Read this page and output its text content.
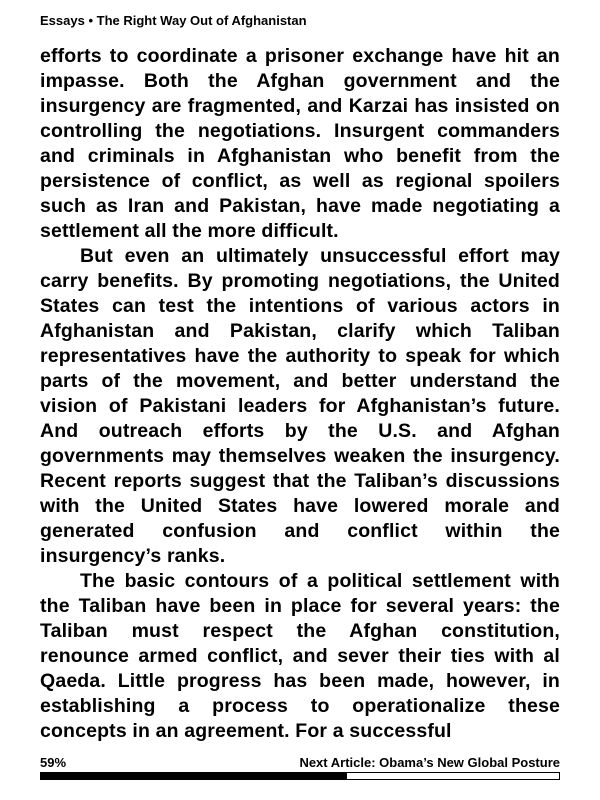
Essays • The Right Way Out of Afghanistan

efforts to coordinate a prisoner exchange have hit an impasse. Both the Afghan government and the insurgency are fragmented, and Karzai has insisted on controlling the negotiations. Insurgent commanders and criminals in Afghanistan who benefit from the persistence of conflict, as well as regional spoilers such as Iran and Pakistan, have made negotiating a settlement all the more difficult.

But even an ultimately unsuccessful effort may carry benefits. By promoting negotiations, the United States can test the intentions of various actors in Afghanistan and Pakistan, clarify which Taliban representatives have the authority to speak for which parts of the movement, and better understand the vision of Pakistani leaders for Afghanistan’s future. And outreach efforts by the U.S. and Afghan governments may themselves weaken the insurgency. Recent reports suggest that the Taliban’s discussions with the United States have lowered morale and generated confusion and conflict within the insurgency’s ranks.

The basic contours of a political settlement with the Taliban have been in place for several years: the Taliban must respect the Afghan constitution, renounce armed conflict, and sever their ties with al Qaeda. Little progress has been made, however, in establishing a process to operationalize these concepts in an agreement. For a successful

59%	Next Article: Obama’s New Global Posture
